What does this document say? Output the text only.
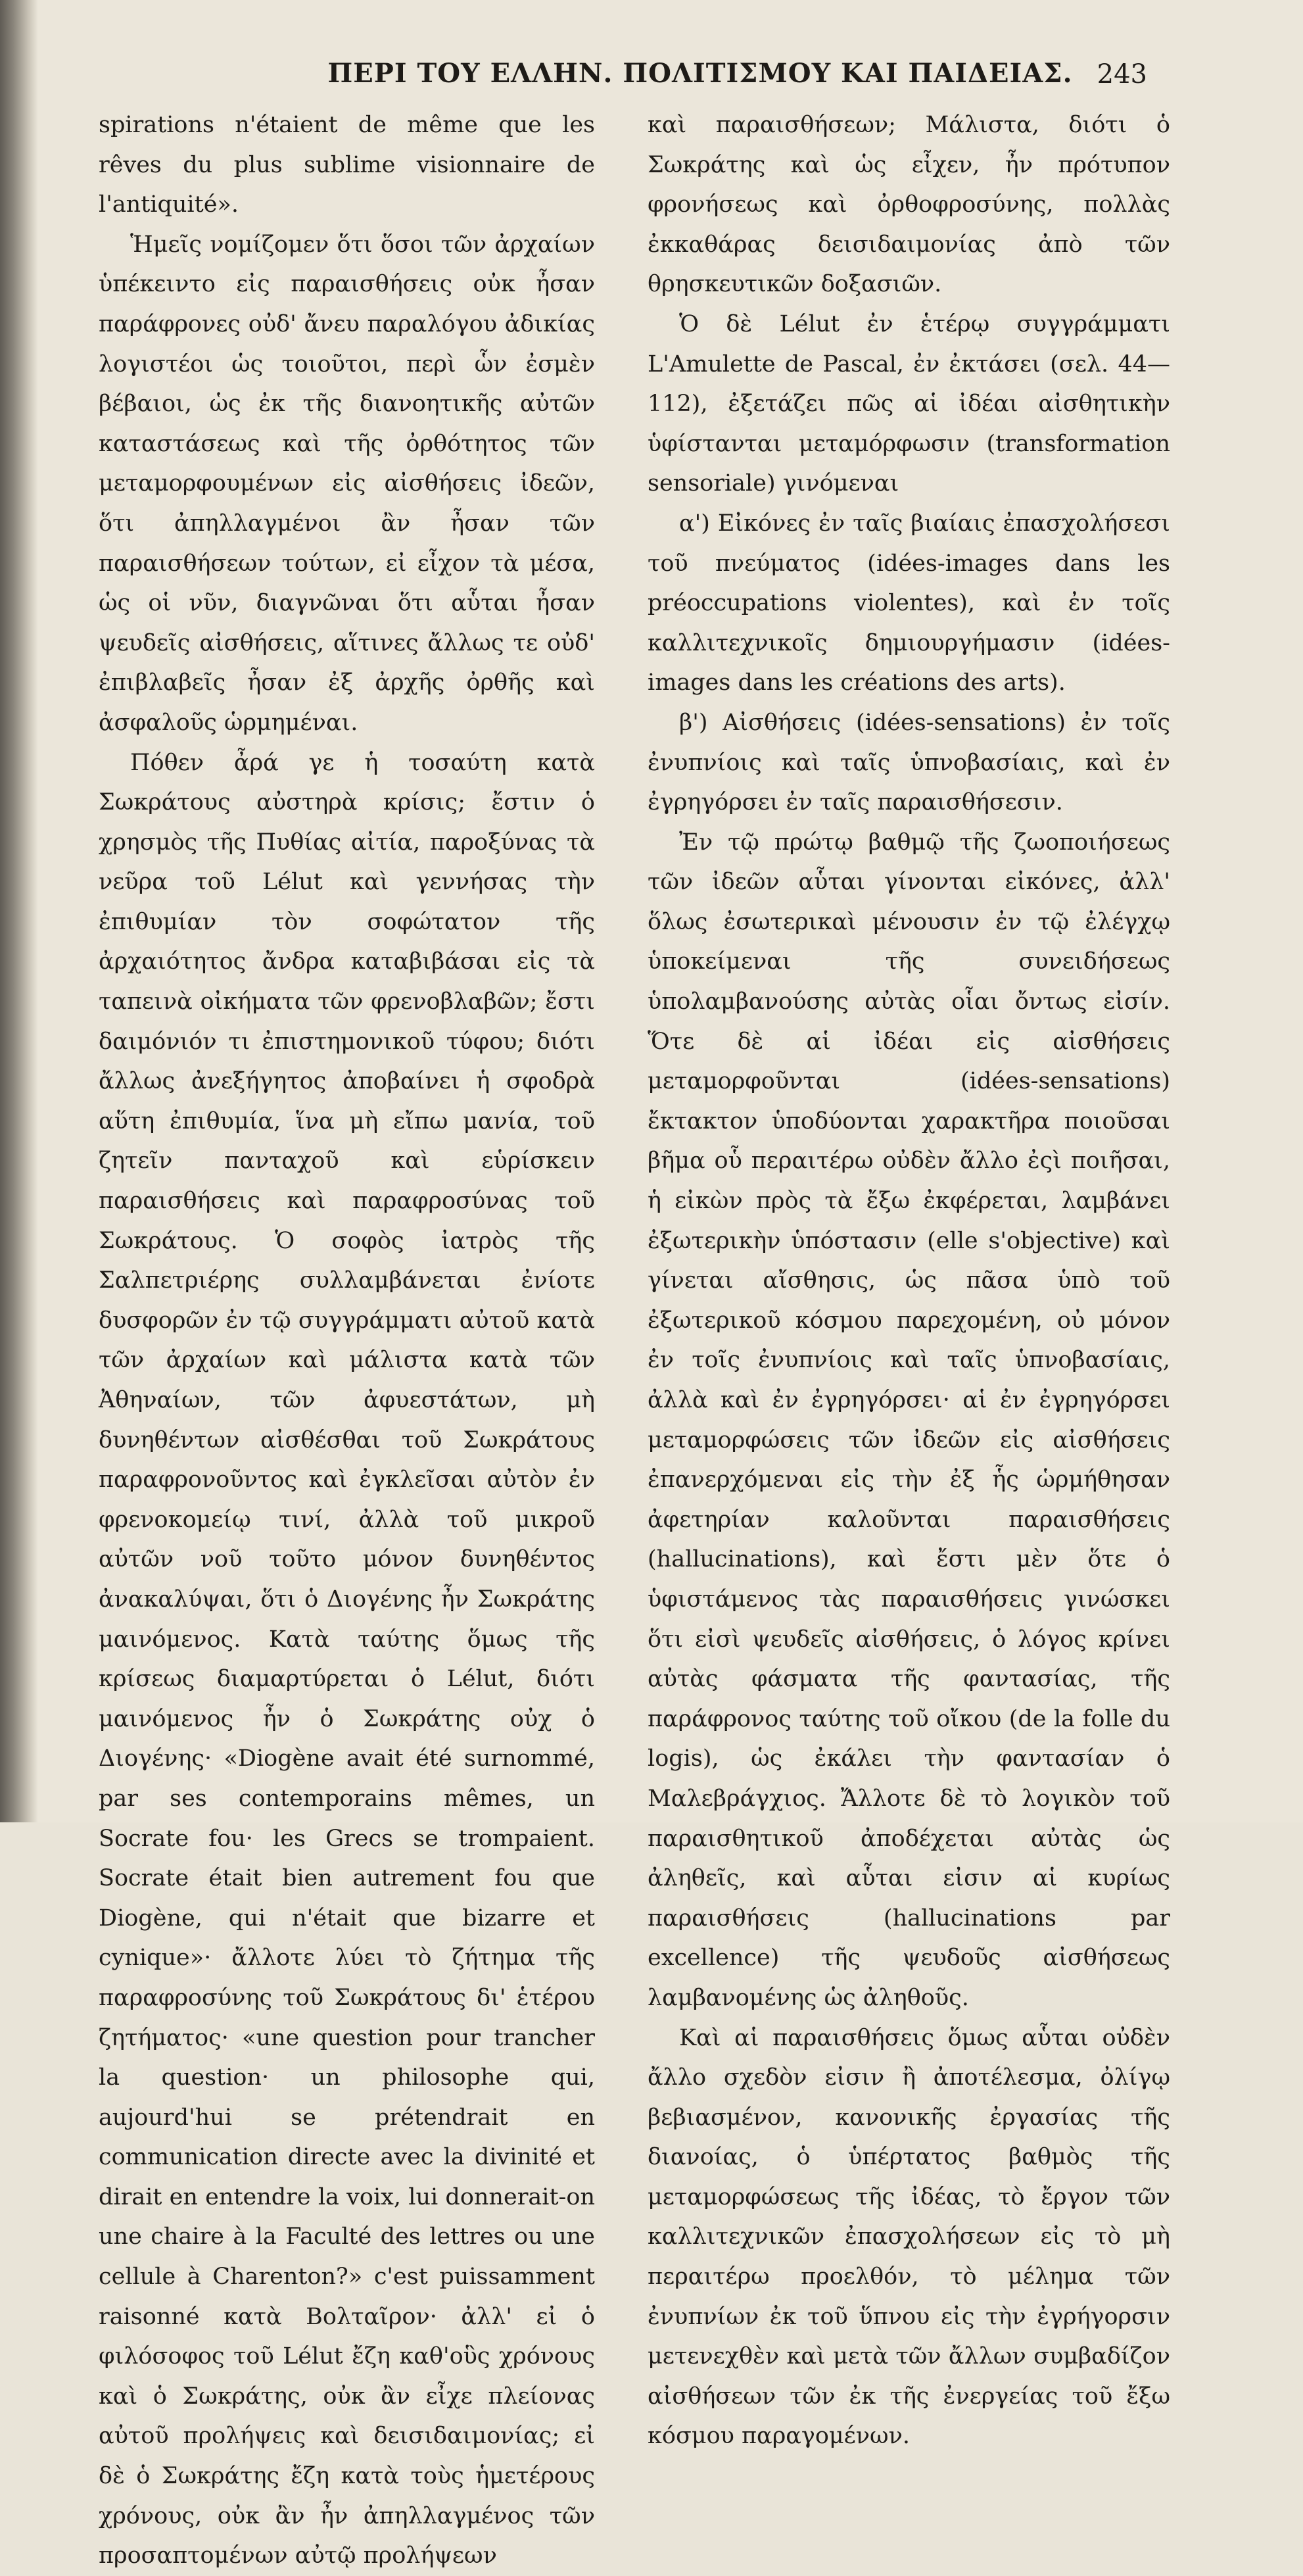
ΠΕΡΙ ΤΟΥ ΕΛΛΗΝ. ΠΟΛΙΤΙΣΜΟΥ ΚΑΙ ΠΑΙΔΕΙΑΣ. 243

spirations n'étaient de même que les rêves du plus sublime visionnaire de l'antiquité».

Ἡμεῖς νομίζομεν ὅτι ὅσοι τῶν ἀρχαίων ὑπέκειντο εἰς παραισθήσεις οὐκ ἦσαν παράφρονες οὐδ' ἄνευ παραλόγου ἀδικίας λογιστέοι ὡς τοιοῦτοι, περὶ ὧν ἐσμὲν βέβαιοι, ὡς ἐκ τῆς διανοητικῆς αὐτῶν καταστάσεως καὶ τῆς ὀρθότητος τῶν μεταμορφουμένων εἰς αἰσθήσεις ἰδεῶν, ὅτι ἀπηλλαγμένοι ἂν ἦσαν τῶν παραισθήσεων τούτων, εἰ εἶχον τὰ μέσα, ὡς οἱ νῦν, διαγνῶναι ὅτι αὗται ἦσαν ψευδεῖς αἰσθήσεις, αἵτινες ἄλλως τε οὐδ' ἐπιβλαβεῖς ἦσαν ἐξ ἀρχῆς ὀρθῆς καὶ ἀσφαλοῦς ὡρμημέναι.

Πόθεν ἆρά γε ἡ τοσαύτη κατὰ Σωκράτους αὐστηρὰ κρίσις; ἔστιν ὁ χρησμὸς τῆς Πυθίας αἰτία, παροξύνας τὰ νεῦρα τοῦ Lélut καὶ γεννήσας τὴν ἐπιθυμίαν τὸν σοφώτατον τῆς ἀρχαιότητος ἄνδρα καταβιβάσαι εἰς τὰ ταπεινὰ οἰκήματα τῶν φρενοβλαβῶν; ἔστι δαιμόνιόν τι ἐπιστημονικοῦ τύφου; διότι ἄλλως ἀνεξήγητος ἀποβαίνει ἡ σφοδρὰ αὕτη ἐπιθυμία, ἵνα μὴ εἴπω μανία, τοῦ ζητεῖν πανταχοῦ καὶ εὑρίσκειν παραισθήσεις καὶ παραφροσύνας τοῦ Σωκράτους. Ὁ σοφὸς ἰατρὸς τῆς Σαλπετριέρης συλλαμβάνεται ἐνίοτε δυσφορῶν ἐν τῷ συγγράμματι αὐτοῦ κατὰ τῶν ἀρχαίων καὶ μάλιστα κατὰ τῶν Ἀθηναίων, τῶν ἀφυεστάτων, μὴ δυνηθέντων αἰσθέσθαι τοῦ Σωκράτους παραφρονοῦντος καὶ ἐγκλεῖσαι αὐτὸν ἐν φρενοκομείῳ τινί, ἀλλὰ τοῦ μικροῦ αὐτῶν νοῦ τοῦτο μόνον δυνηθέντος ἀνακαλύψαι, ὅτι ὁ Διογένης ἦν Σωκράτης μαινόμενος. Κατὰ ταύτης ὅμως τῆς κρίσεως διαμαρτύρεται ὁ Lélut, διότι μαινόμενος ἦν ὁ Σωκράτης οὐχ ὁ Διογένης· «Diogène avait été surnommé, par ses contemporains mêmes, un Socrate fou· les Grecs se trompaient. Socrate était bien autrement fou que Diogène, qui n'était que bizarre et cynique»· ἄλλοτε λύει τὸ ζήτημα τῆς παραφροσύνης τοῦ Σωκράτους δι' ἑτέρου ζητήματος· «une question pour trancher la question· un philosophe qui, aujourd'hui se prétendrait en communication directe avec la divinité et dirait en entendre la voix, lui donnerait-on une chaire à la Faculté des lettres ou une cellule à Charenton?» c'est puissamment raisonné κατὰ Βολταῖρον· ἀλλ' εἰ ὁ φιλόσοφος τοῦ Lélut ἔζη καθ'οὓς χρόνους καὶ ὁ Σωκράτης, οὐκ ἂν εἶχε πλείονας αὐτοῦ προλήψεις καὶ δεισιδαιμονίας; εἰ δὲ ὁ Σωκράτης ἔζη κατὰ τοὺς ἡμετέρους χρόνους, οὐκ ἂν ἦν ἀπηλλαγμένος τῶν προσαπτομένων αὐτῷ προλήψεων

καὶ παραισθήσεων; Μάλιστα, διότι ὁ Σωκράτης καὶ ὡς εἶχεν, ἦν πρότυπον φρονήσεως καὶ ὀρθοφροσύνης, πολλὰς ἐκκαθάρας δεισιδαιμονίας ἀπὸ τῶν θρησκευτικῶν δοξασιῶν.

Ὁ δὲ Lélut ἐν ἑτέρῳ συγγράμματι L'Amulette de Pascal, ἐν ἐκτάσει (σελ. 44—112), ἐξετάζει πῶς αἱ ἰδέαι αἰσθητικὴν ὑφίστανται μεταμόρφωσιν (transformation sensoriale) γινόμεναι

α') Εἰκόνες ἐν ταῖς βιαίαις ἐπασχολήσεσι τοῦ πνεύματος (idées-images dans les préoccupations violentes), καὶ ἐν τοῖς καλλιτεχνικοῖς δημιουργήμασιν (idées-images dans les créations des arts).

β') Αἰσθήσεις (idées-sensations) ἐν τοῖς ἐνυπνίοις καὶ ταῖς ὑπνοβασίαις, καὶ ἐν ἐγρηγόρσει ἐν ταῖς παραισθήσεσιν.

Ἐν τῷ πρώτῳ βαθμῷ τῆς ζωοποιήσεως τῶν ἰδεῶν αὗται γίνονται εἰκόνες, ἀλλ' ὅλως ἐσωτερικαὶ μένουσιν ἐν τῷ ἐλέγχῳ ὑποκείμεναι τῆς συνειδήσεως ὑπολαμβανούσης αὐτὰς οἷαι ὄντως εἰσίν. Ὅτε δὲ αἱ ἰδέαι εἰς αἰσθήσεις μεταμορφοῦνται (idées-sensations) ἔκτακτον ὑποδύονται χαρακτῆρα ποιοῦσαι βῆμα οὗ περαιτέρω οὐδὲν ἄλλο ἐςὶ ποιῆσαι, ἡ εἰκὼν πρὸς τὰ ἔξω ἐκφέρεται, λαμβάνει ἐξωτερικὴν ὑπόστασιν (elle s'objective) καὶ γίνεται αἴσθησις, ὡς πᾶσα ὑπὸ τοῦ ἐξωτερικοῦ κόσμου παρεχομένη, οὐ μόνον ἐν τοῖς ἐνυπνίοις καὶ ταῖς ὑπνοβασίαις, ἀλλὰ καὶ ἐν ἐγρηγόρσει· αἱ ἐν ἐγρηγόρσει μεταμορφώσεις τῶν ἰδεῶν εἰς αἰσθήσεις ἐπανερχόμεναι εἰς τὴν ἐξ ἧς ὡρμήθησαν ἀφετηρίαν καλοῦνται παραισθήσεις (hallucinations), καὶ ἔστι μὲν ὅτε ὁ ὑφιστάμενος τὰς παραισθήσεις γινώσκει ὅτι εἰσὶ ψευδεῖς αἰσθήσεις, ὁ λόγος κρίνει αὐτὰς φάσματα τῆς φαντασίας, τῆς παράφρονος ταύτης τοῦ οἴκου (de la folle du logis), ὡς ἐκάλει τὴν φαντασίαν ὁ Μαλεβράγχιος. Ἄλλοτε δὲ τὸ λογικὸν τοῦ παραισθητικοῦ ἀποδέχεται αὐτὰς ὡς ἀληθεῖς, καὶ αὗται εἰσιν αἱ κυρίως παραισθήσεις (hallucinations par excellence) τῆς ψευδοῦς αἰσθήσεως λαμβανομένης ὡς ἀληθοῦς.

Καὶ αἱ παραισθήσεις ὅμως αὗται οὐδὲν ἄλλο σχεδὸν εἰσιν ἢ ἀποτέλεσμα, ὀλίγῳ βεβιασμένον, κανονικῆς ἐργασίας τῆς διανοίας, ὁ ὑπέρτατος βαθμὸς τῆς μεταμορφώσεως τῆς ἰδέας, τὸ ἔργον τῶν καλλιτεχνικῶν ἐπασχολήσεων εἰς τὸ μὴ περαιτέρω προελθόν, τὸ μέλημα τῶν ἐνυπνίων ἐκ τοῦ ὕπνου εἰς τὴν ἐγρήγορσιν μετενεχθὲν καὶ μετὰ τῶν ἄλλων συμβαδίζον αἰσθήσεων τῶν ἐκ τῆς ἐνεργείας τοῦ ἔξω κόσμου παραγομένων.
